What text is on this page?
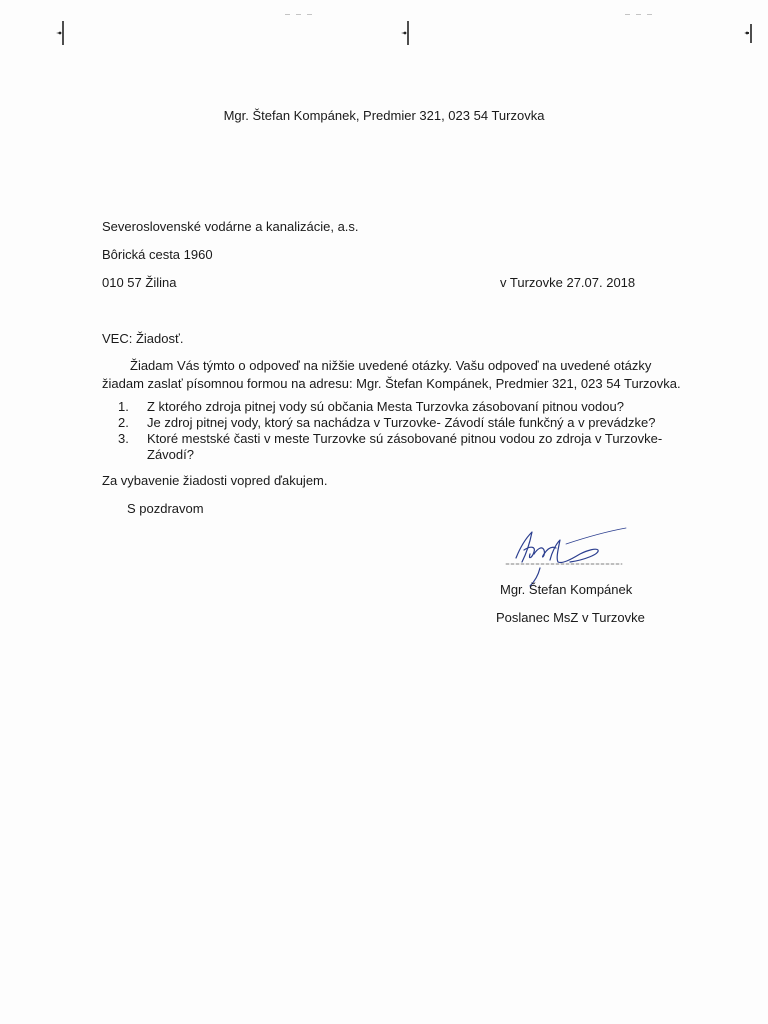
Mgr. Štefan Kompánek, Predmier 321, 023 54 Turzovka
Severoslovenské vodárne a kanalizácie, a.s.
Bôrická cesta 1960
010 57 Žilina	v Turzovke 27.07. 2018
VEC: Žiadosť.
Žiadam Vás týmto o odpoveď na nižšie uvedené otázky. Vašu odpoveď na uvedené otázky
žiadam zaslať písomnou formou na adresu: Mgr. Štefan Kompánek, Predmier 321, 023 54 Turzovka.
1. Z ktorého zdroja pitnej vody sú občania Mesta Turzovka zásobovaní pitnou vodou?
2. Je zdroj pitnej vody, ktorý sa nachádza v Turzovke- Závodí stále funkčný a v prevádzke?
3. Ktoré mestské časti v meste Turzovke sú zásobované pitnou vodou zo zdroja v Turzovke-
Závodí?
Za vybavenie žiadosti vopred ďakujem.
S pozdravom
Mgr. Štefan Kompánek
Poslanec MsZ v Turzovke
